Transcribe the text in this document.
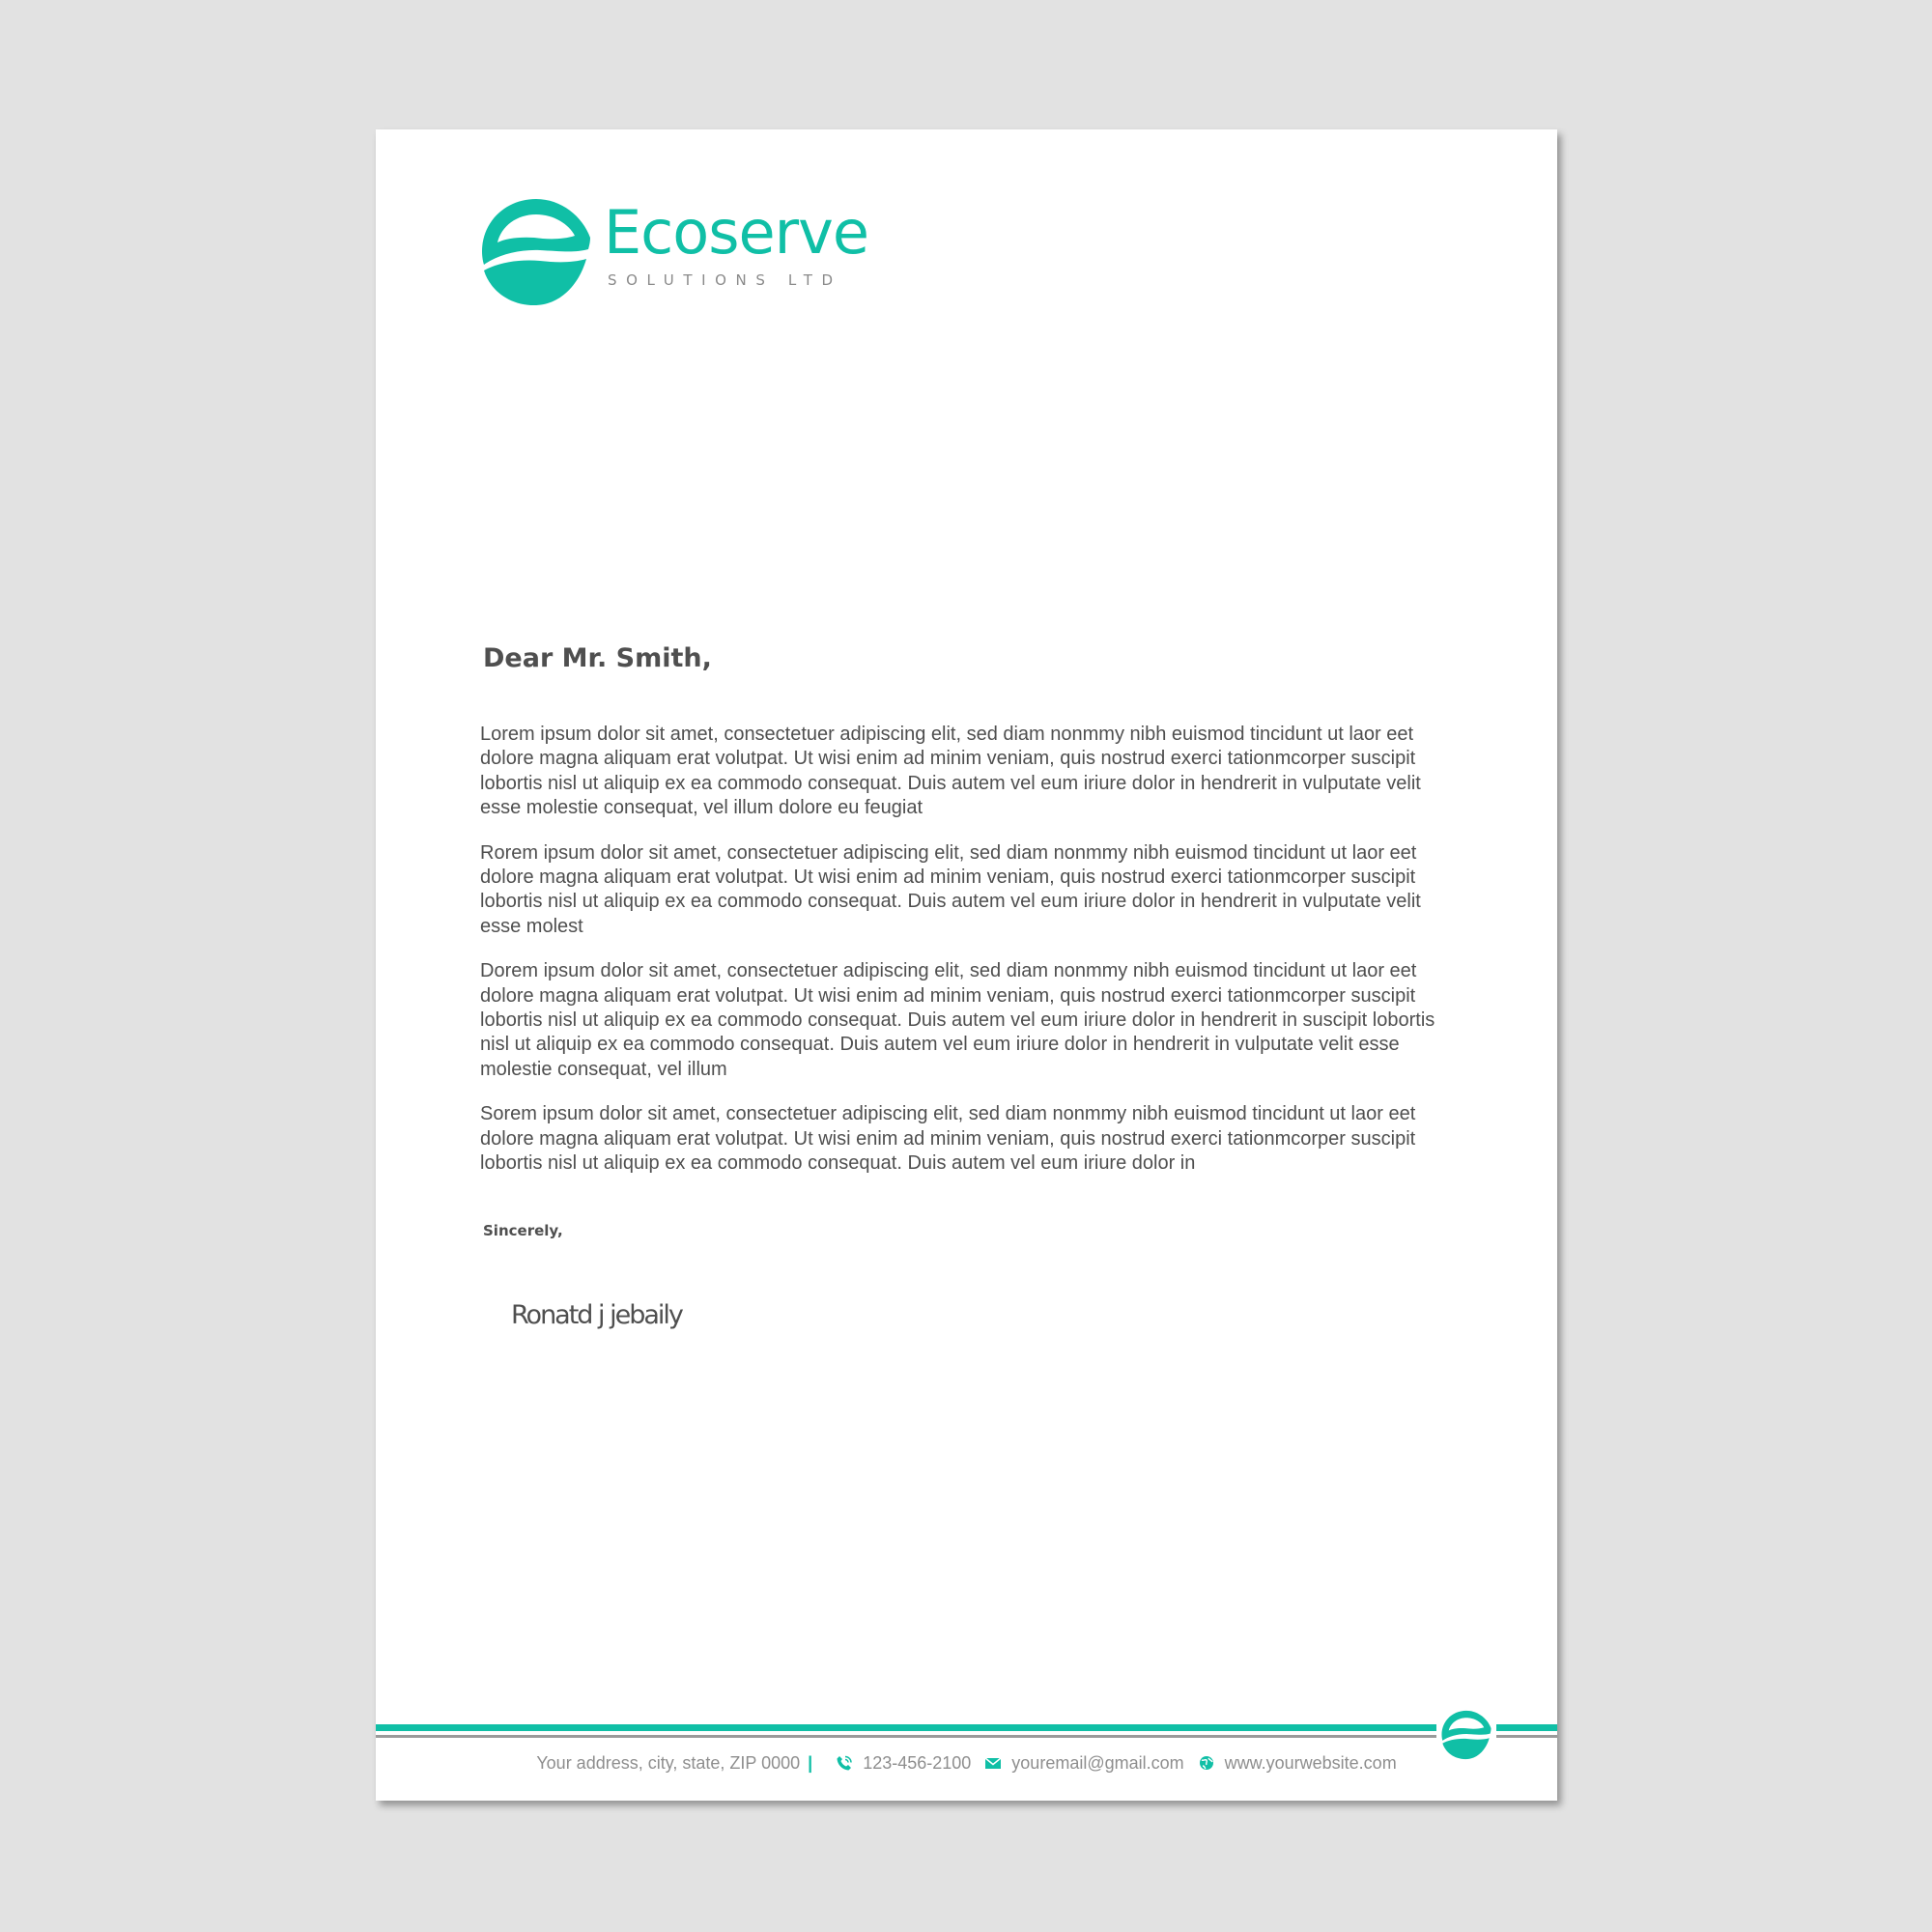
Ecoserve
SOLUTIONS LTD
Dear Mr. Smith,

Lorem ipsum dolor sit amet, consectetuer adipiscing elit, sed diam nonmmy nibh euismod tincidunt ut laor eet dolore magna aliquam erat volutpat. Ut wisi enim ad minim veniam, quis nostrud exerci tationmcorper suscipit lobortis nisl ut aliquip ex ea commodo consequat. Duis autem vel eum iriure dolor in hendrerit in vulputate velit esse molestie consequat, vel illum dolore eu feugiat

Rorem ipsum dolor sit amet, consectetuer adipiscing elit, sed diam nonmmy nibh euismod tincidunt ut laor eet dolore magna aliquam erat volutpat. Ut wisi enim ad minim veniam, quis nostrud exerci tationmcorper suscipit lobortis nisl ut aliquip ex ea commodo consequat. Duis autem vel eum iriure dolor in hendrerit in vulputate velit esse molest

Dorem ipsum dolor sit amet, consectetuer adipiscing elit, sed diam nonmmy nibh euismod tincidunt ut laor eet dolore magna aliquam erat volutpat. Ut wisi enim ad minim veniam, quis nostrud exerci tationmcorper suscipit lobortis nisl ut aliquip ex ea commodo consequat. Duis autem vel eum iriure dolor in hendrerit in suscipit lobortis nisl ut aliquip ex ea commodo consequat. Duis autem vel eum iriure dolor in hendrerit in vulputate velit esse molestie consequat, vel illum

Sorem ipsum dolor sit amet, consectetuer adipiscing elit, sed diam nonmmy nibh euismod tincidunt ut laor eet dolore magna aliquam erat volutpat. Ut wisi enim ad minim veniam, quis nostrud exerci tationmcorper suscipit lobortis nisl ut aliquip ex ea commodo consequat. Duis autem vel eum iriure dolor in

Sincerely,
Ronatd j jebaily
Your address, city, state, ZIP 0000 |	123-456-2100 youremail@gmail.com www.yourwebsite.com
